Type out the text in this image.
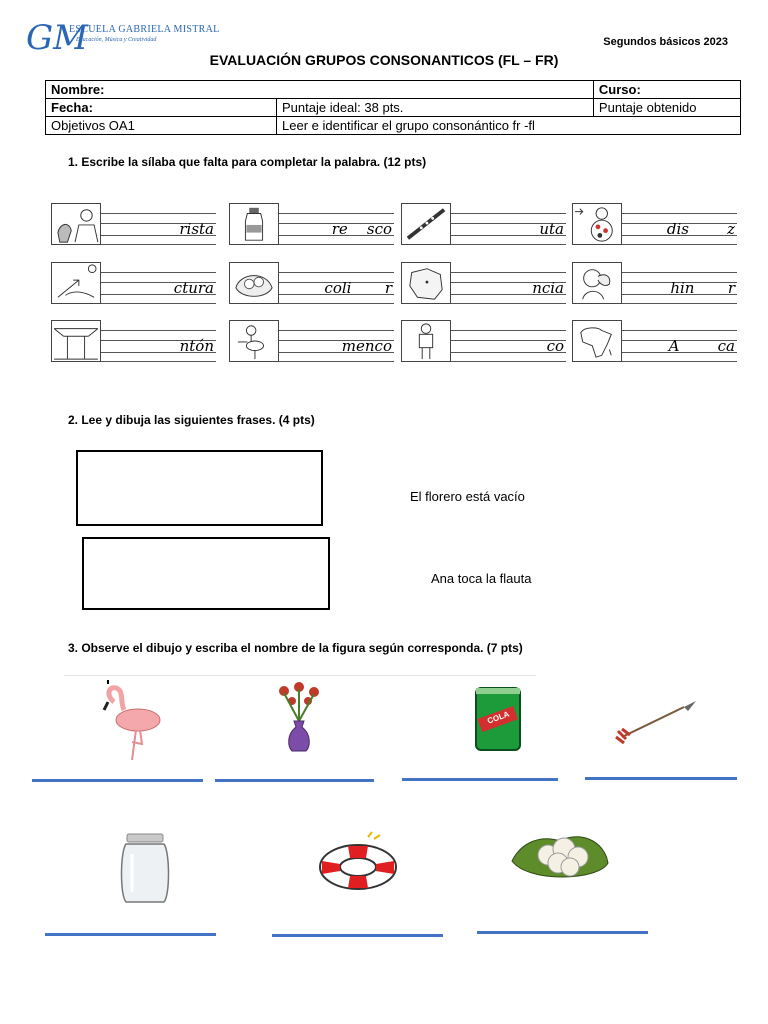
GM
ESCUELA GABRIELA MISTRAL
Educación, Música y Creatividad	Segundos básicos 2023
EVALUACIÓN GRUPOS CONSONANTICOS (FL – FR)
Nombre:		Curso:
Fecha:	Puntaje ideal: 38 pts.	Puntaje obtenido
Objetivos OA1	Leer e identificar el grupo consonántico fr -fl	
1. Escribe la sílaba que falta para completar la palabra. (12 pts)
rista	re    sco	uta	dis        z
ctura	coli       r	ncia	hin       r
ntón	menco	co	A        ca
2. Lee y dibuja las siguientes frases. (4 pts)
El florero está vacío
Ana toca la flauta
3. Observe el dibujo y escriba el nombre de la figura según corresponda. (7 pts)
COLA
